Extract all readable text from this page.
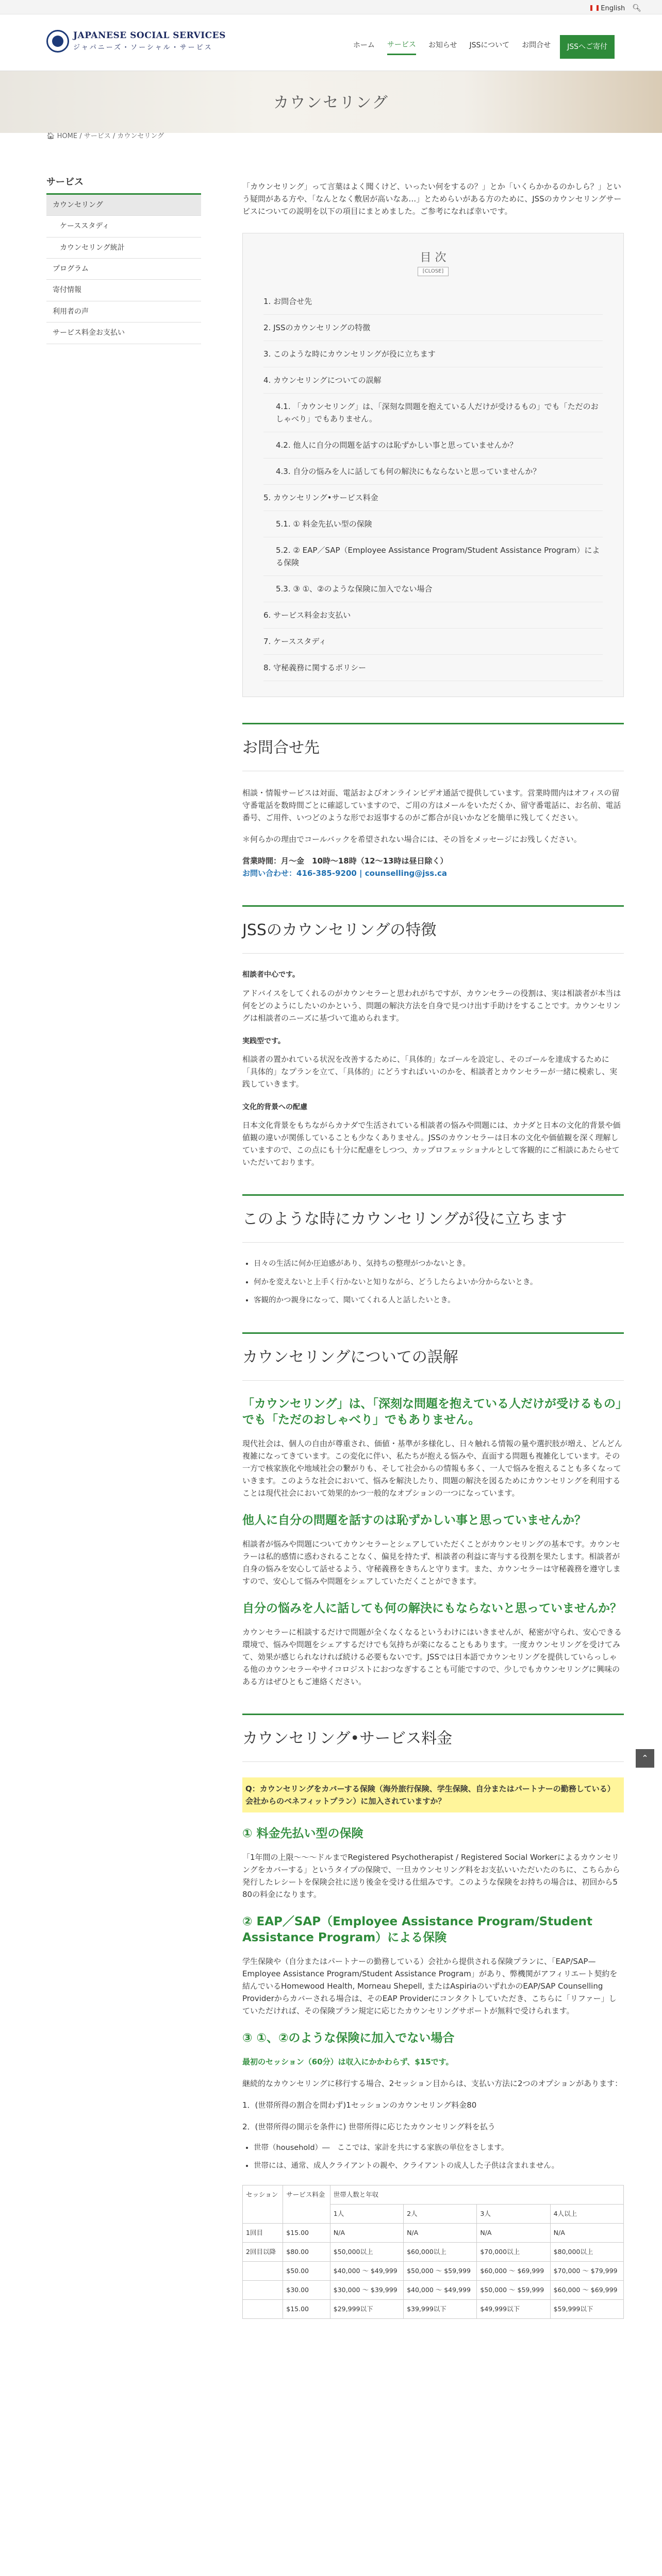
English 🔍︎
JAPANESE SOCIAL SERVICES
ジャパニーズ・ソーシャル・サービス	ホーム サービス お知らせ JSSについて お問合せ	JSSへご寄付
カウンセリング
🏠︎ HOME / サービス / カウンセリング
サービス
カウンセリング
ケーススタディ
カウンセリング統計
プログラム
寄付情報
利用者の声
サービス料金お支払い

「カウンセリング」って言葉はよく聞くけど、いったい何をするの？」とか「いくらかかるのかしら？」という疑問がある方や、「なんとなく敷居が高いなあ…」とためらいがある方のために、JSSのカウンセリングサービスについての説明を以下の項目にまとめました。ご参考になれば幸いです。

目 次
[CLOSE]
1. お問合せ先
2. JSSのカウンセリングの特徴
3. このような時にカウンセリングが役に立ちます
4. カウンセリングについての誤解
4.1. 「カウンセリング」は、「深刻な問題を抱えている人だけが受けるもの」でも「ただのおしゃべり」でもありません。
4.2. 他人に自分の問題を話すのは恥ずかしい事と思っていませんか？
4.3. 自分の悩みを人に話しても何の解決にもならないと思っていませんか？
5. カウンセリング•サービス料金
5.1. ① 料金先払い型の保険
5.2. ② EAP／SAP（Employee Assistance Program/Student Assistance Program）による保険
5.3. ③ ①、②のような保険に加入でない場合
6. サービス料金お支払い
7. ケーススタディ
8. 守秘義務に関するポリシー
お問合せ先

相談・情報サービスは対面、電話およびオンラインビデオ通話で提供しています。営業時間内はオフィスの留守番電話を数時間ごとに確認していますので、ご用の方はメールをいただくか、留守番電話に、お名前、電話番号、ご用件、いつどのような形でお返事するのがご都合が良いかなどを簡単に残してください。

＊何らかの理由でコールバックを希望されない場合には、その旨をメッセージにお残しください。

営業時間：月〜金　10時〜18時（12〜13時は昼日除く）
お問い合わせ：416-385-9200 | counselling@jss.ca
JSSのカウンセリングの特徴
相談者中心です。

アドバイスをしてくれるのがカウンセラーと思われがちですが、カウンセラーの役割は、実は相談者が本当は何をどのようにしたいのかという、問題の解決方法を自身で見つけ出す手助けをすることです。カウンセリングは相談者のニーズに基づいて進められます。

実践型です。

相談者の置かれている状況を改善するために、「具体的」なゴールを設定し、そのゴールを達成するために「具体的」なプランを立て、「具体的」にどうすればいいのかを、相談者とカウンセラーが一緒に模索し、実践していきます。

文化的背景への配慮

日本文化背景をもちながらカナダで生活されている相談者の悩みや問題には、カナダと日本の文化的背景や価値観の違いが関係していることも少なくありません。JSSのカウンセラーは日本の文化や価値観を深く理解していますので、この点にも十分に配慮をしつつ、カップロフェッショナルとして客観的にご相談にあたらせていただいております。

このような時にカウンセリングが役に立ちます
• 日々の生活に何か圧迫感があり、気持ちの整理がつかないとき。
• 何かを変えないと上手く行かないと知りながら、どうしたらよいか分からないとき。
• 客観的かつ親身になって、聞いてくれる人と話したいとき。
カウンセリングについての誤解
「カウンセリング」は、「深刻な問題を抱えている人だけが受けるもの」でも「ただのおしゃべり」でもありません。

現代社会は、個人の自由が尊重され、価値・基準が多様化し、日々触れる情報の量や選択肢が増え、どんどん複雑になってきています。この変化に伴い、私たちが抱える悩みや、直面する問題も複雑化しています。その一方で核家族化や地域社会の繋がりも、そして社会からの情報も多く、一人で悩みを抱えることも多くなっていきます。このような社会において、悩みを解決したり、問題の解決を図るためにカウンセリングを利用することは現代社会において効果的かつ一般的なオプションの一つになっています。

他人に自分の問題を話すのは恥ずかしい事と思っていませんか？

相談者が悩みや問題についてカウンセラーとシェアしていただくことがカウンセリングの基本です。カウンセラーは私的感情に惑わされることなく、偏見を持たず、相談者の利益に寄与する役割を果たします。相談者が自身の悩みを安心して話せるよう、守秘義務をきちんと守ります。また、カウンセラーは守秘義務を遵守しますので、安心して悩みや問題をシェアしていただくことができます。

自分の悩みを人に話しても何の解決にもならないと思っていませんか？

カウンセラーに相談するだけで問題が全くなくなるというわけにはいきませんが、秘密が守られ、安心できる環境で、悩みや問題をシェアするだけでも気持ちが楽になることもあります。一度カウンセリングを受けてみて、効果が感じられなければ続ける必要もないです。JSSでは日本語でカウンセリングを提供していらっしゃる他のカウンセラーやサイコロジストにおつなぎすることも可能ですので、少しでもカウンセリングに興味のある方はぜひともご連絡ください。

カウンセリング•サービス料金
Q：カウンセリングをカバーする保険（海外旅行保険、学生保険、自分またはパートナーの勤務している）会社からのベネフィットプラン）に加入されていますか？
① 料金先払い型の保険

「1年間の上限〜〜〜ドルまでRegistered Psychotherapist / Registered Social Workerによるカウンセリングをカバーする」というタイプの保険で、一旦カウンセリング料をお支払いいただいたのちに、こちらから発行したレシートを保険会社に送り後金を受ける仕組みです。このような保険をお持ちの場合は、初回から5 80の料金になります。

② EAP／SAP（Employee Assistance Program/Student Assistance Program）による保険

学生保険や（自分またはパートナーの勤務している）会社から提供される保険プランに、「EAP/SAP—Employee Assistance Program/Student Assistance Program」があり、弊機関がアフィリエート契約を結んでいるHomewood Health, Morneau Shepell, またはAspiriaのいずれかのEAP/SAP Counselling Providerからカバーされる場合は、そのEAP Providerにコンタクトしていただき、こちらに「リファー」していただければ、その保険プラン規定に応じたカウンセリングサポートが無料で受けられます。

③ ①、②のような保険に加入でない場合

最初のセッション（60分）は収入にかかわらず、$15です。

継続的なカウンセリングに移行する場合、2セッション目からは、支払い方法に2つのオプションがあります：

1．(世帯所得の割合を問わず)1セッションのカウンセリング料金80

2．(世帯所得の開示を条件に) 世帯所得に応じたカウンセリング料を払う

• 世帯（household）―　ここでは、家計を共にする家族の単位をさします。
• 世帯には、通常、成人クライアントの親や、クライアントの成人した子供は含まれません。
セッション	サービス料金	世帯人数と年収			
		1人	2人	3人	4人以上
1回目	$15.00	N/A	N/A	N/A	N/A
2回目以降	$80.00	$50,000以上	$60,000以上	$70,000以上	$80,000以上
	$50.00	$40,000 〜 $49,999	$50,000 〜 $59,999	$60,000 〜 $69,999	$70,000 〜 $79,999
	$30.00	$30,000 〜 $39,999	$40,000 〜 $49,999	$50,000 〜 $59,999	$60,000 〜 $69,999
	$15.00	$29,999以下	$39,999以下	$49,999以下	$59,999以下
⌃
